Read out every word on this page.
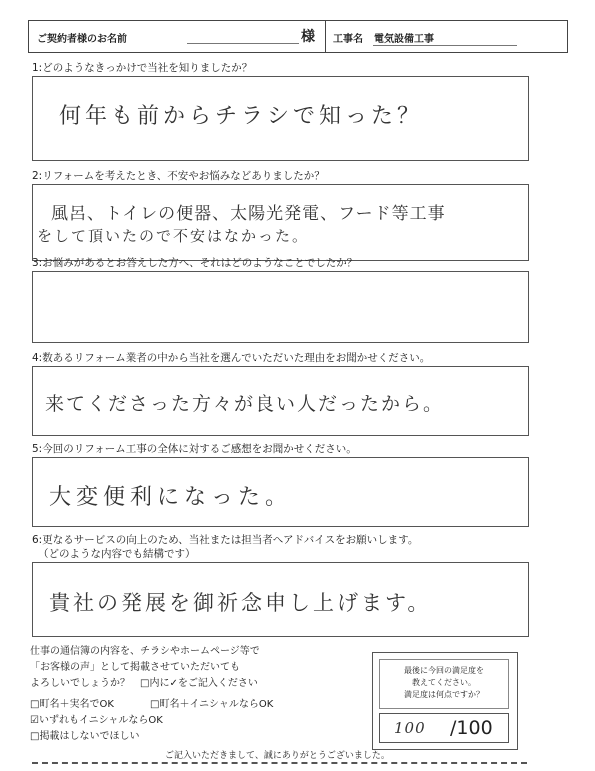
ご契約者様のお名前	様 工事名 電気設備工事
1:どのようなきっかけで当社を知りましたか？
何年も前からチラシで知った？
2:リフォームを考えたとき、不安やお悩みなどありましたか？
風呂、トイレの便器、太陽光発電、フード等工事
をして頂いたので不安はなかった。
3:お悩みがあるとお答えした方へ、それはどのようなことでしたか？
4:数あるリフォーム業者の中から当社を選んでいただいた理由をお聞かせください。
来てくださった方々が良い人だったから。
5:今回のリフォーム工事の全体に対するご感想をお聞かせください。
大変便利になった。
6:更なるサービスの向上のため、当社または担当者へアドバイスをお願いします。
（どのような内容でも結構です）
貴社の発展を御祈念申し上げます。
仕事の通信簿の内容を、チラシやホームページ等で
「お客様の声」として掲載させていただいても
よろしいでしょうか？　□内に✓をご記入ください
□町名＋実名でOK	□町名＋イニシャルならOK
☑いずれもイニシャルならOK
□掲載はしないでほしい
最後に今回の満足度を
教えてください。
満足度は何点ですか？
100 /100
ご記入いただきまして、誠にありがとうございました。
